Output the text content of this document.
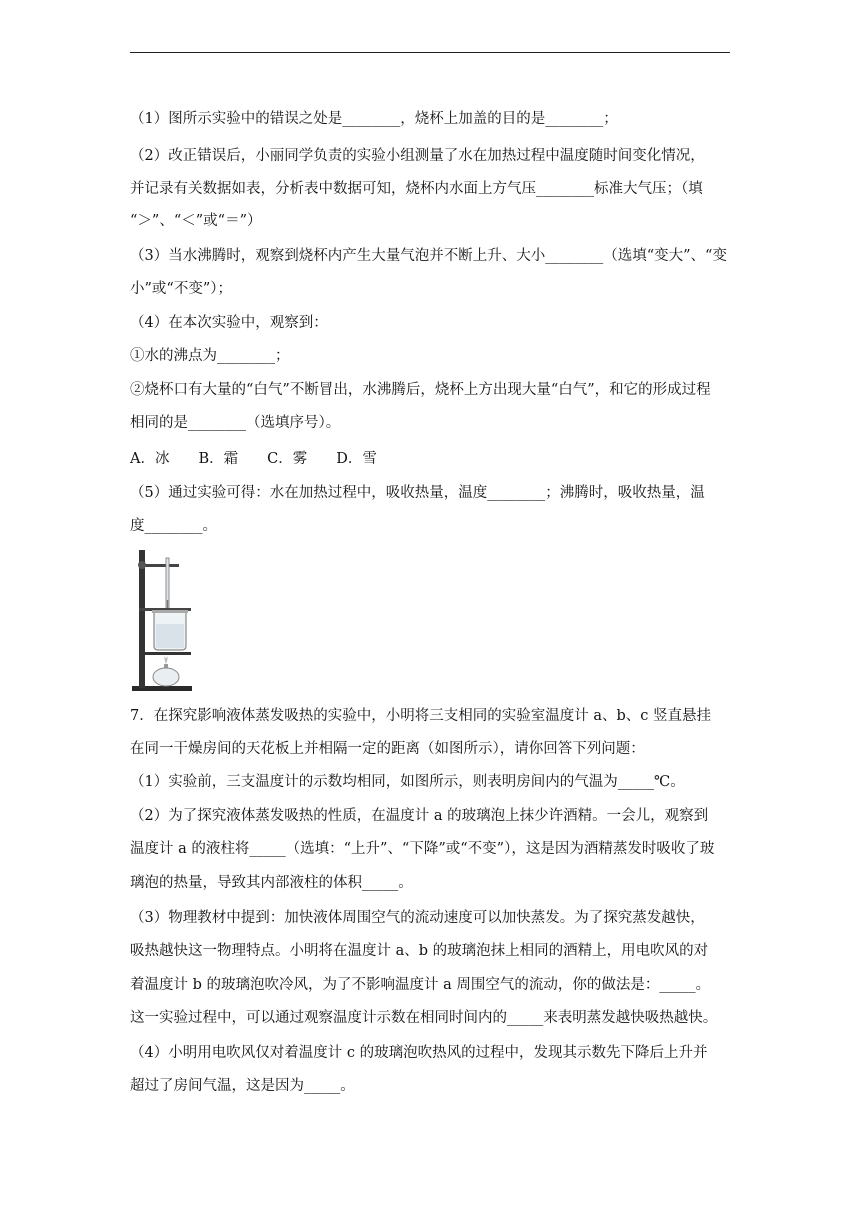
（1）图所示实验中的错误之处是________，烧杯上加盖的目的是________；
（2）改正错误后，小丽同学负责的实验小组测量了水在加热过程中温度随时间变化情况，
并记录有关数据如表，分析表中数据可知，烧杯内水面上方气压________标准大气压；（填
“＞”、“＜”或“＝”）
（3）当水沸腾时，观察到烧杯内产生大量气泡并不断上升、大小________（选填“变大”、“变
小”或“不变”）；
（4）在本次实验中，观察到：
①水的沸点为________；
②烧杯口有大量的“白气”不断冒出，水沸腾后，烧杯上方出现大量“白气”，和它的形成过程
相同的是________（选填序号）。
A．冰　　B．霜　　C．雾　　D．雪
（5）通过实验可得：水在加热过程中，吸收热量，温度________；沸腾时，吸收热量，温
度________。
7．在探究影响液体蒸发吸热的实验中，小明将三支相同的实验室温度计 a、b、c 竖直悬挂
在同一干燥房间的天花板上并相隔一定的距离（如图所示），请你回答下列问题：
（1）实验前，三支温度计的示数均相同，如图所示，则表明房间内的气温为_____℃。
（2）为了探究液体蒸发吸热的性质，在温度计 a 的玻璃泡上抹少许酒精。一会儿，观察到
温度计 a 的液柱将_____（选填：“上升”、“下降”或“不变”），这是因为酒精蒸发时吸收了玻
璃泡的热量，导致其内部液柱的体积_____。
（3）物理教材中提到：加快液体周围空气的流动速度可以加快蒸发。为了探究蒸发越快，
吸热越快这一物理特点。小明将在温度计 a、b 的玻璃泡抹上相同的酒精上，用电吹风的对
着温度计 b 的玻璃泡吹冷风，为了不影响温度计 a 周围空气的流动，你的做法是：_____。
这一实验过程中，可以通过观察温度计示数在相同时间内的_____来表明蒸发越快吸热越快。
（4）小明用电吹风仅对着温度计 c 的玻璃泡吹热风的过程中，发现其示数先下降后上升并
超过了房间气温，这是因为_____。
